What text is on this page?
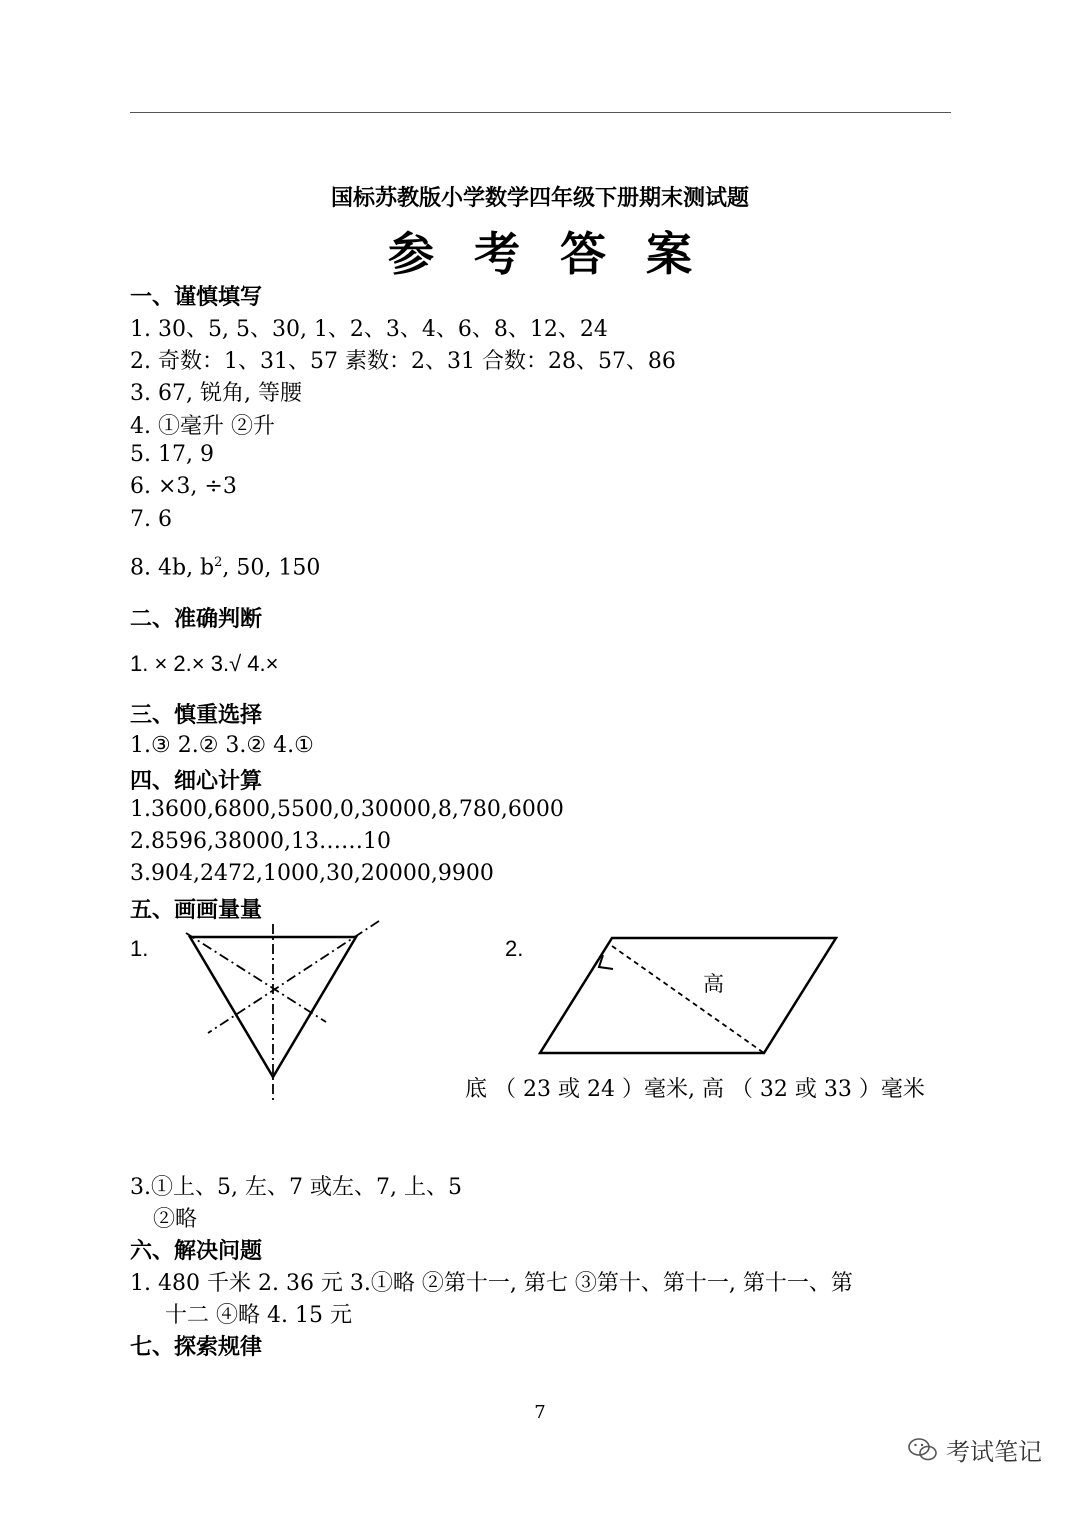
国标苏教版小学数学四年级下册期末测试题
参考答案
一、谨慎填写
1. 30、5, 5、30, 1、2、3、4、6、8、12、24
2. 奇数：1、31、57 素数：2、31 合数：28、57、86
3. 67, 锐角, 等腰
4. ①毫升 ②升
5. 17, 9
6. ×3, ÷3
7. 6
8. 4b, $b^2$, 50, 150
二、准确判断
1. × 2.× 3.√ 4.×
三、慎重选择
1.③ 2.② 3.② 4.①
四、细心计算
1.3600,6800,5500,0,30000,8,780,6000
2.8596,38000,13……10
3.904,2472,1000,30,20000,9900
五、画画量量
1.	2.
高
底 （ 23 或 24 ）毫米, 高 （ 32 或 33 ）毫米
3.①上、5, 左、7 或左、7, 上、5
②略
六、解决问题
1. 480 千米 2. 36 元 3.①略 ②第十一, 第七 ③第十、第十一, 第十一、第
十二 ④略 4. 15 元
七、探索规律
7
考试笔记
